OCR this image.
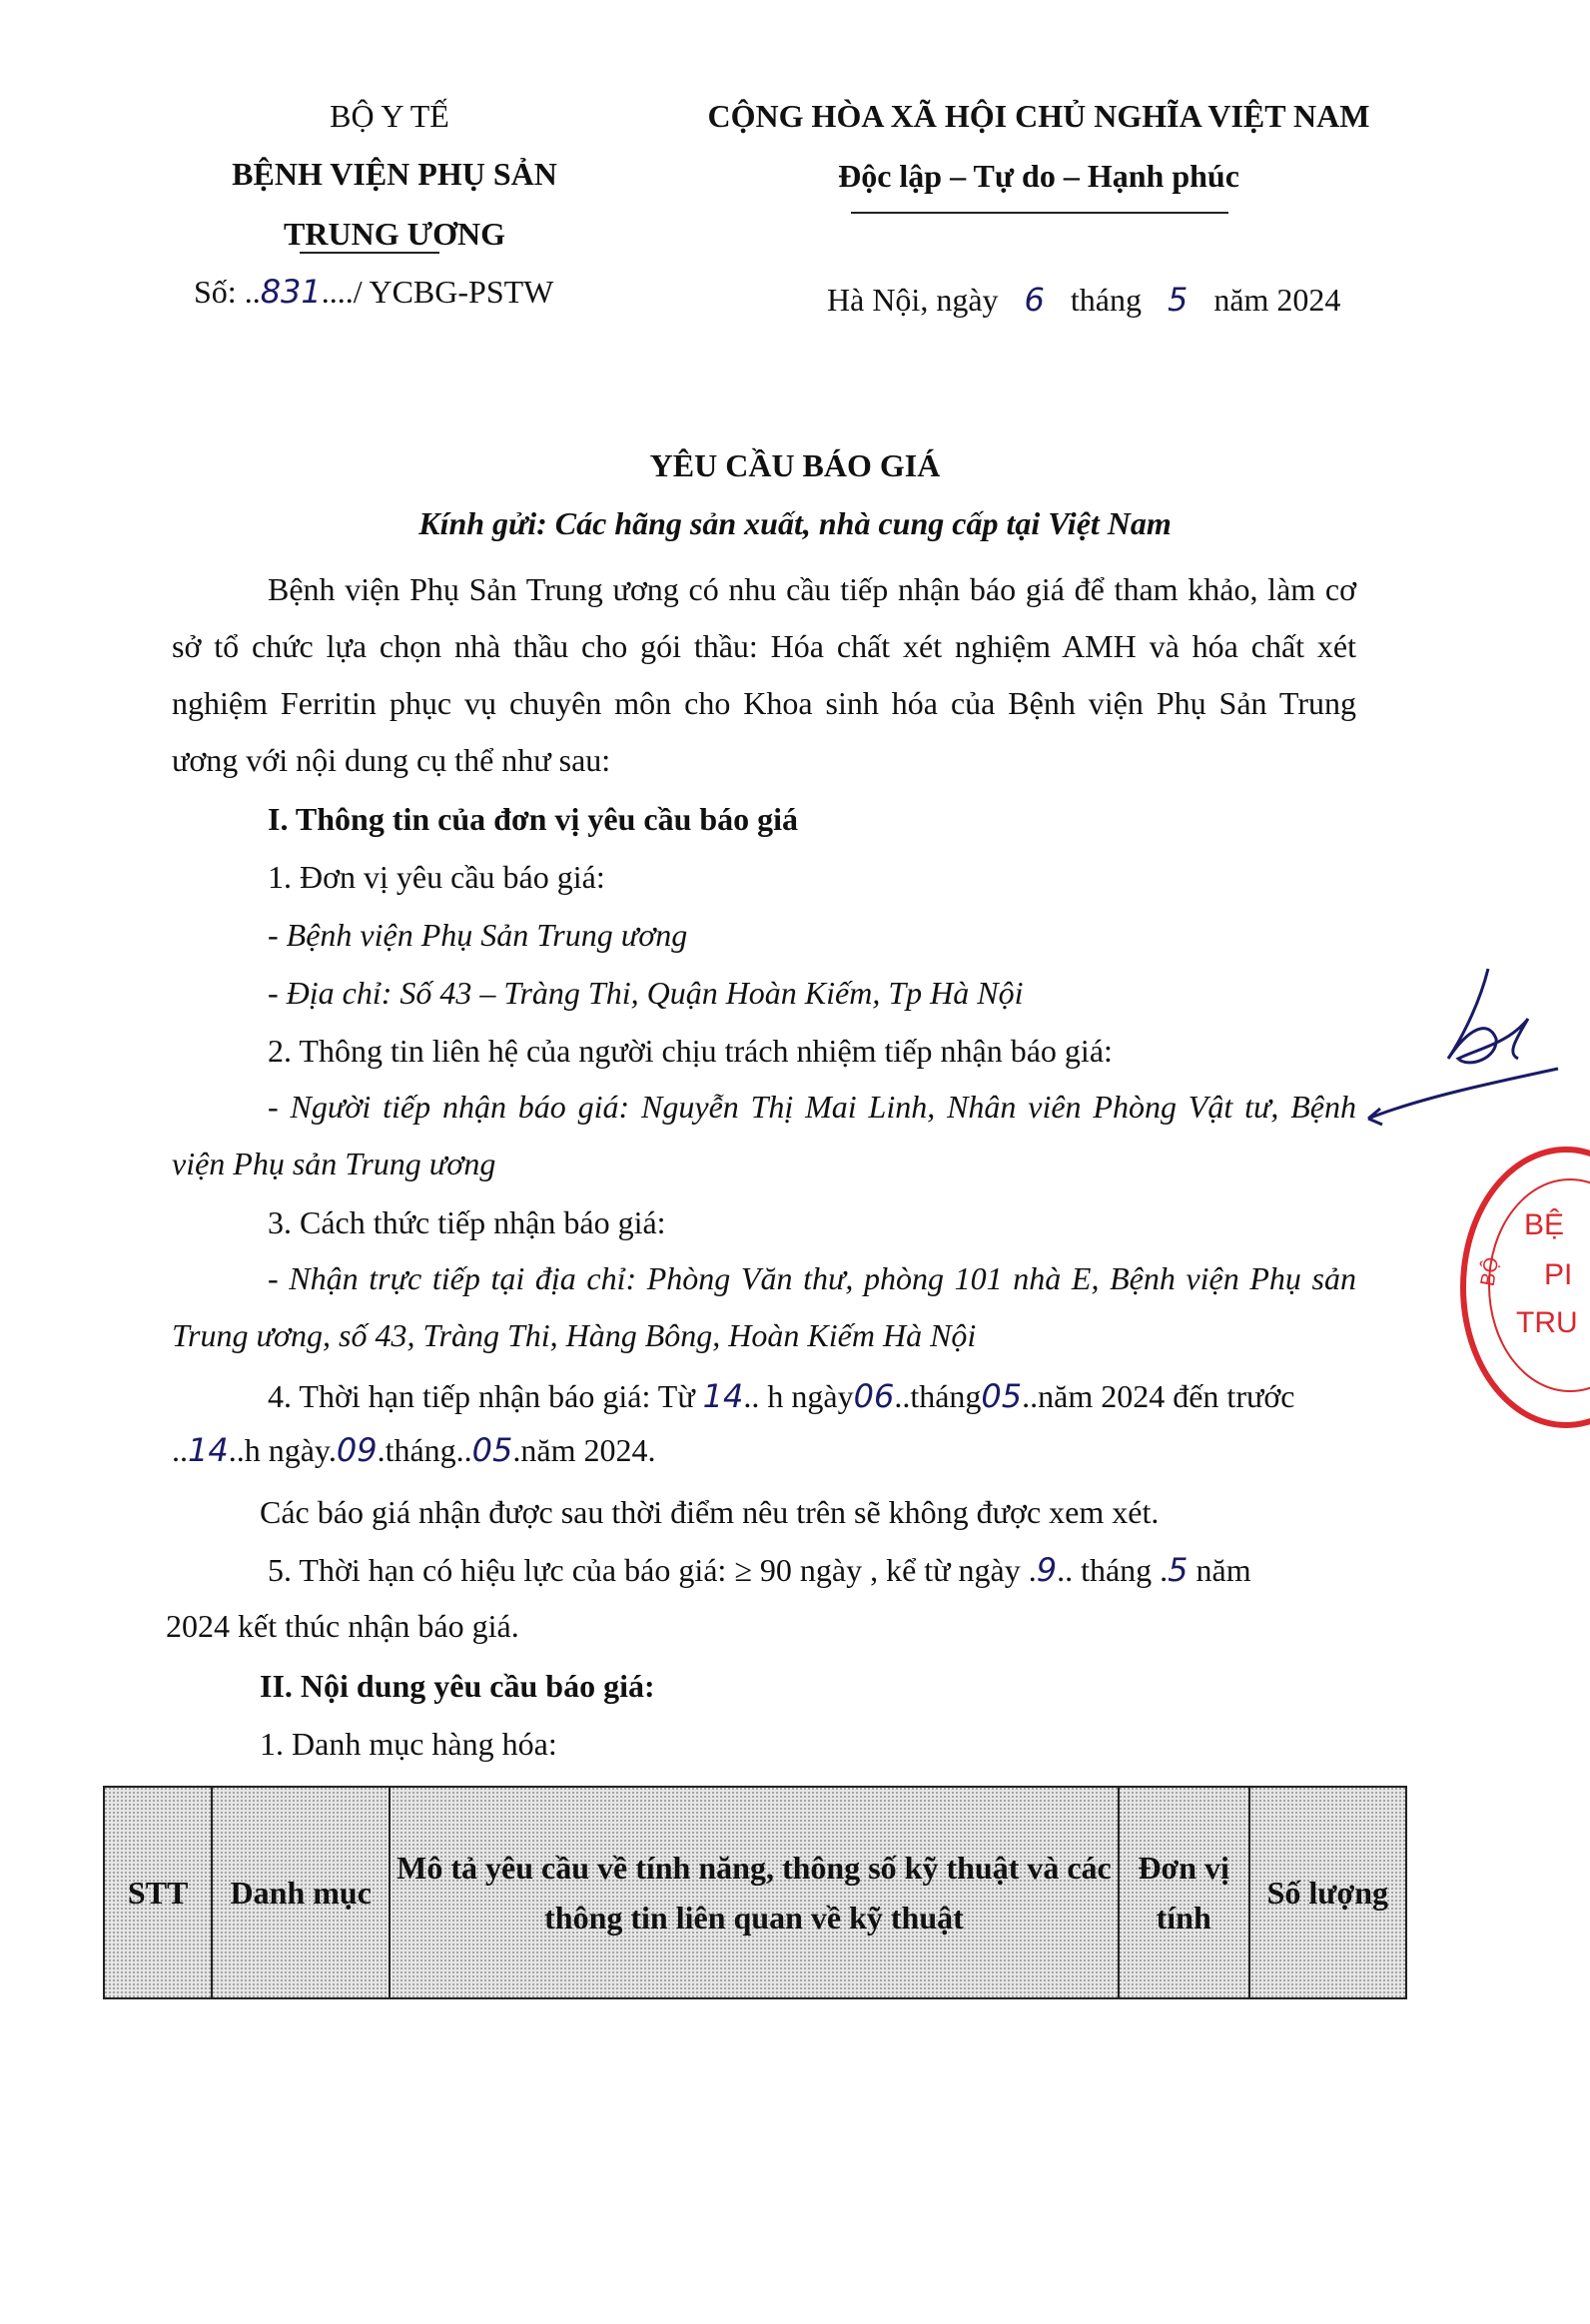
BỘ Y TẾ
BỆNH VIỆN PHỤ SẢN
TRUNG ƯƠNG
Số: ..831..../ YCBG-PSTW
CỘNG HÒA XÃ HỘI CHỦ NGHĨA VIỆT NAM
Độc lập – Tự do – Hạnh phúc
Hà Nội, ngày 6 tháng 5 năm 2024
YÊU CẦU BÁO GIÁ
Kính gửi: Các hãng sản xuất, nhà cung cấp tại Việt Nam
Bệnh viện Phụ Sản Trung ương có nhu cầu tiếp nhận báo giá để tham khảo, làm cơ sở tổ chức lựa chọn nhà thầu cho gói thầu: Hóa chất xét nghiệm AMH và hóa chất xét nghiệm Ferritin phục vụ chuyên môn cho Khoa sinh hóa của Bệnh viện Phụ Sản Trung ương với nội dung cụ thể như sau:
I. Thông tin của đơn vị yêu cầu báo giá
1. Đơn vị yêu cầu báo giá:
- Bệnh viện Phụ Sản Trung ương
- Địa chỉ: Số 43 – Tràng Thi, Quận Hoàn Kiếm, Tp Hà Nội
2. Thông tin liên hệ của người chịu trách nhiệm tiếp nhận báo giá:
- Người tiếp nhận báo giá: Nguyễn Thị Mai Linh, Nhân viên Phòng Vật tư, Bệnh viện Phụ sản Trung ương
3. Cách thức tiếp nhận báo giá:
- Nhận trực tiếp tại địa chỉ: Phòng Văn thư, phòng 101 nhà E, Bệnh viện Phụ sản Trung ương, số 43, Tràng Thi, Hàng Bông, Hoàn Kiếm Hà Nội
4. Thời hạn tiếp nhận báo giá: Từ 14.. h ngày06..tháng05..năm 2024 đến trước
..14..h ngày.09.tháng..05.năm 2024.
Các báo giá nhận được sau thời điểm nêu trên sẽ không được xem xét.
5. Thời hạn có hiệu lực của báo giá: ≥ 90 ngày , kể từ ngày .9.. tháng .5 năm
2024 kết thúc nhận báo giá.
II. Nội dung yêu cầu báo giá:
1. Danh mục hàng hóa:
STT	Danh mục	Mô tả yêu cầu về tính năng, thông số kỹ thuật và các thông tin liên quan về kỹ thuật	Đơn vị tính	Số lượng
BỆ
PI
TRU
BỘ
